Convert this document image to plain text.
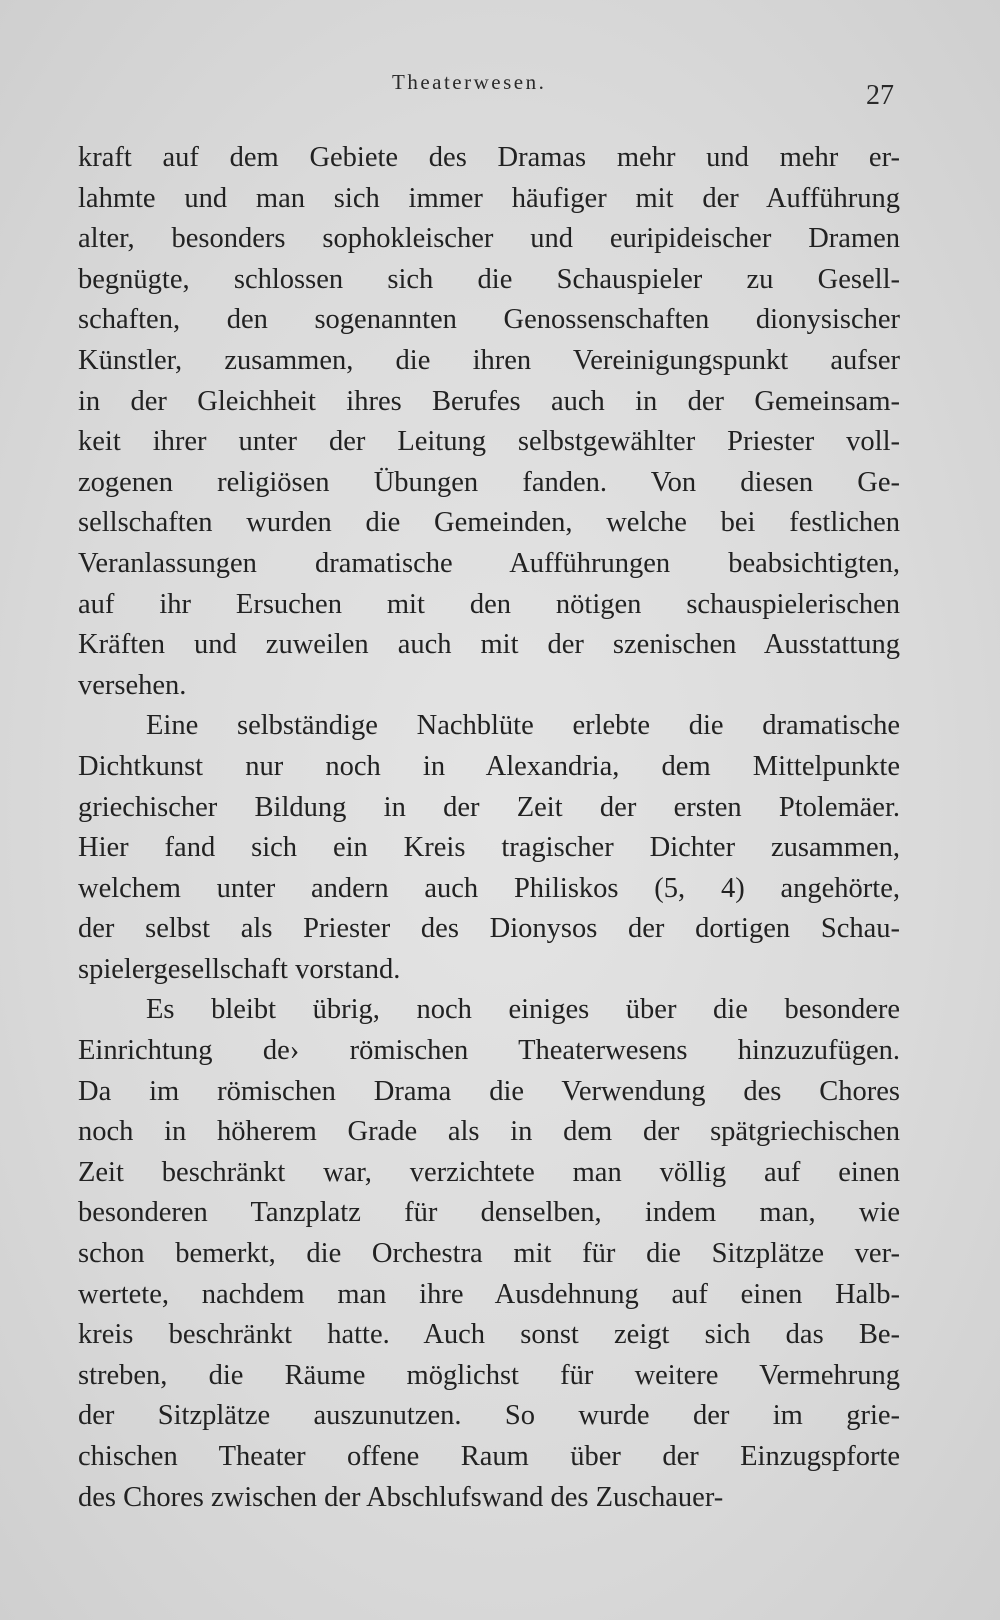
Theaterwesen.	27
kraft auf dem Gebiete des Dramas mehr und mehr er-
lahmte und man sich immer häufiger mit der Aufführung
alter, besonders sophokleischer und euripideischer Dramen
begnügte, schlossen sich die Schauspieler zu Gesell-
schaften, den sogenannten Genossenschaften dionysischer
Künstler, zusammen, die ihren Vereinigungspunkt aufser
in der Gleichheit ihres Berufes auch in der Gemeinsam-
keit ihrer unter der Leitung selbstgewählter Priester voll-
zogenen religiösen Übungen fanden. Von diesen Ge-
sellschaften wurden die Gemeinden, welche bei festlichen
Veranlassungen dramatische Aufführungen beabsichtigten,
auf ihr Ersuchen mit den nötigen schauspielerischen
Kräften und zuweilen auch mit der szenischen Ausstattung
versehen.
Eine selbständige Nachblüte erlebte die dramatische
Dichtkunst nur noch in Alexandria, dem Mittelpunkte
griechischer Bildung in der Zeit der ersten Ptolemäer.
Hier fand sich ein Kreis tragischer Dichter zusammen,
welchem unter andern auch Philiskos (5, 4) angehörte,
der selbst als Priester des Dionysos der dortigen Schau-
spielergesellschaft vorstand.
Es bleibt übrig, noch einiges über die besondere
Einrichtung de› römischen Theaterwesens hinzuzufügen.
Da im römischen Drama die Verwendung des Chores
noch in höherem Grade als in dem der spätgriechischen
Zeit beschränkt war, verzichtete man völlig auf einen
besonderen Tanzplatz für denselben, indem man, wie
schon bemerkt, die Orchestra mit für die Sitzplätze ver-
wertete, nachdem man ihre Ausdehnung auf einen Halb-
kreis beschränkt hatte. Auch sonst zeigt sich das Be-
streben, die Räume möglichst für weitere Vermehrung
der Sitzplätze auszunutzen. So wurde der im grie-
chischen Theater offene Raum über der Einzugspforte
des Chores zwischen der Abschlufswand des Zuschauer-
